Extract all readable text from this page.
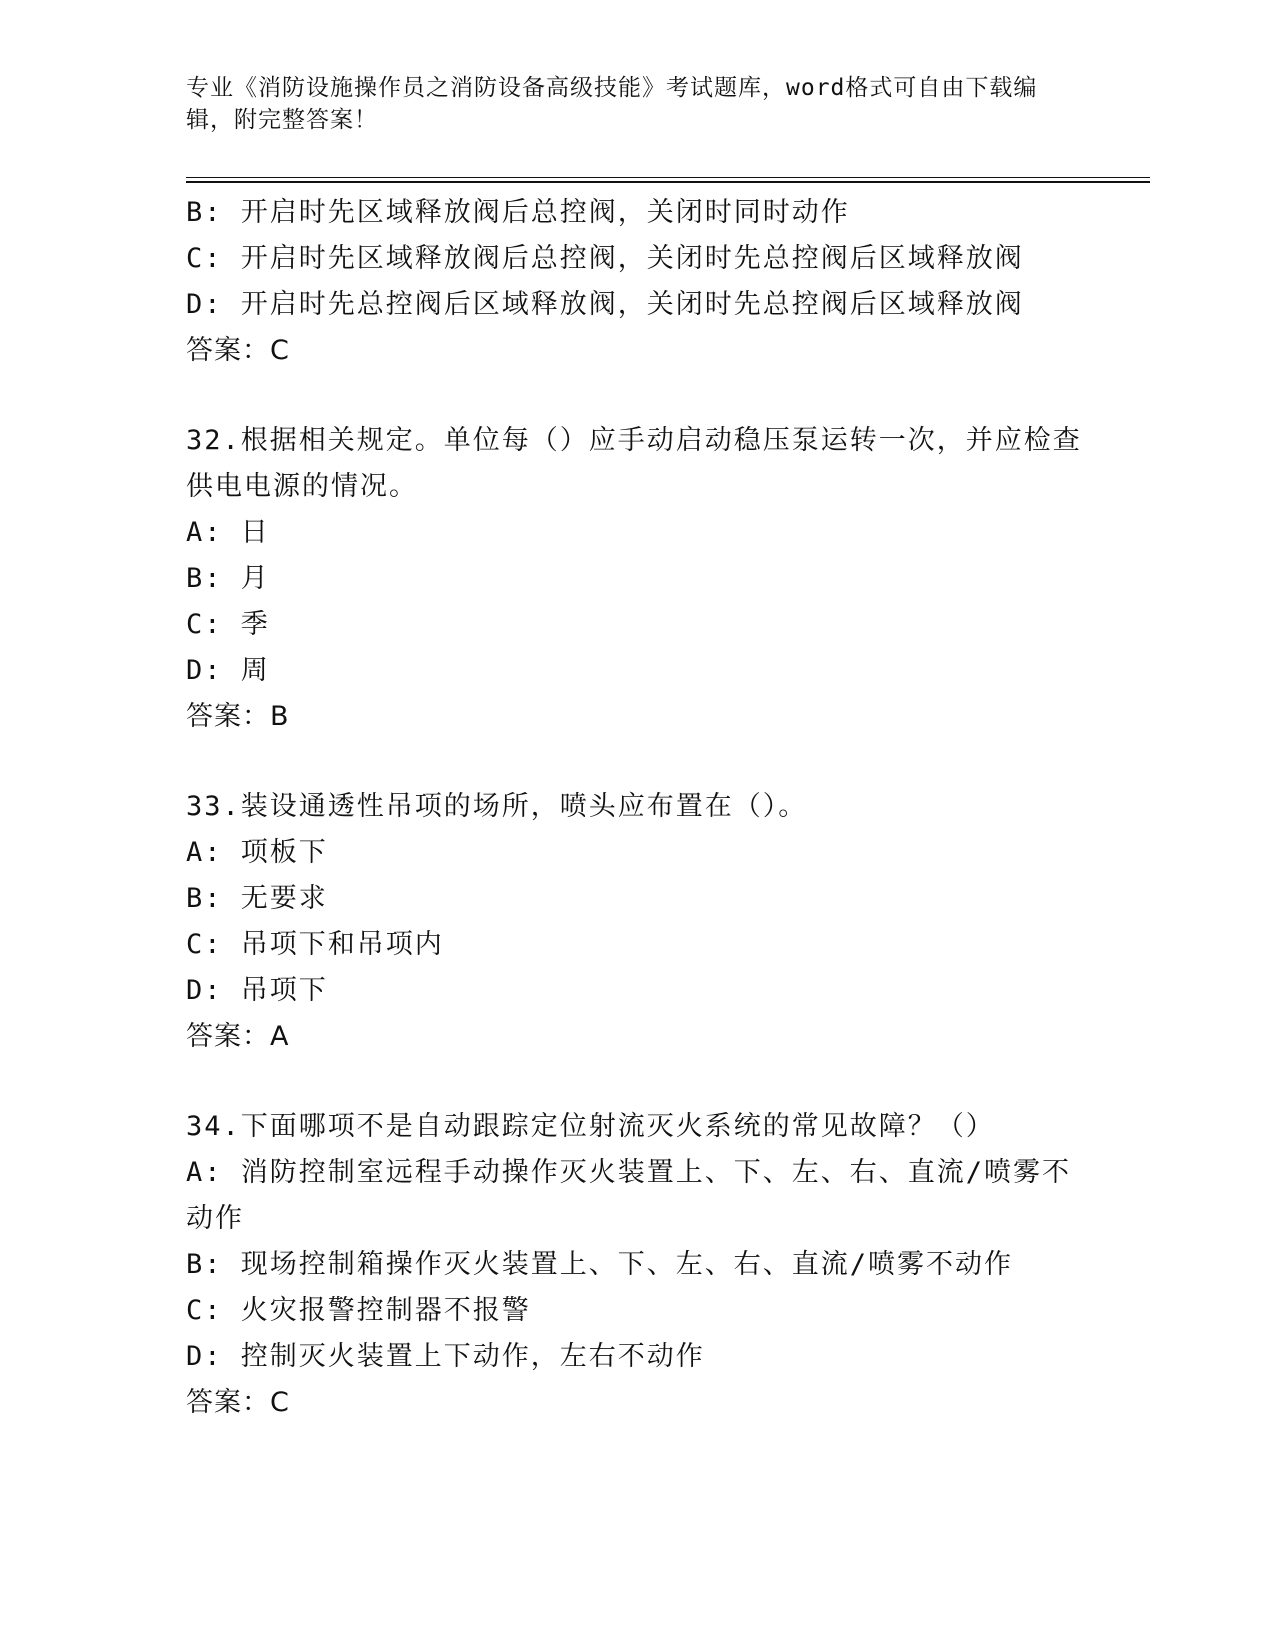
专业《消防设施操作员之消防设备高级技能》考试题库，word格式可自由下载编辑，附完整答案！
B: 开启时先区域释放阀后总控阀，关闭时同时动作
C: 开启时先区域释放阀后总控阀，关闭时先总控阀后区域释放阀
D: 开启时先总控阀后区域释放阀，关闭时先总控阀后区域释放阀
答案：C
32.根据相关规定。单位每（）应手动启动稳压泵运转一次，并应检查供电电源的情况。
A: 日
B: 月
C: 季
D: 周
答案：B
33.装设通透性吊项的场所，喷头应布置在（）。
A: 项板下
B: 无要求
C: 吊项下和吊项内
D: 吊项下
答案：A
34.下面哪项不是自动跟踪定位射流灭火系统的常见故障？（）
A: 消防控制室远程手动操作灭火装置上、下、左、右、直流/喷雾不动作
B: 现场控制箱操作灭火装置上、下、左、右、直流/喷雾不动作
C: 火灾报警控制器不报警
D: 控制灭火装置上下动作，左右不动作
答案：C
